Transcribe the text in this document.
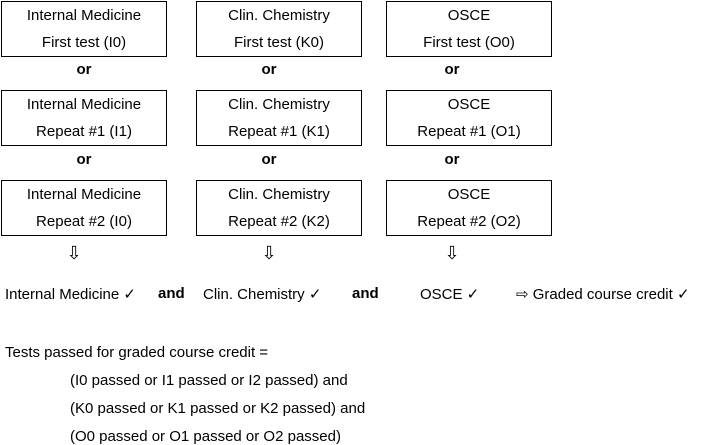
Internal Medicine
First test (I0)
or
Internal Medicine
Repeat #1 (I1)
or
Internal Medicine
Repeat #2 (I0)
⇩
Clin. Chemistry
First test (K0)
or
Clin. Chemistry
Repeat #1 (K1)
or
Clin. Chemistry
Repeat #2 (K2)
⇩
OSCE
First test (O0)
or
OSCE
Repeat #1 (O1)
or
OSCE
Repeat #2 (O2)
⇩
Internal Medicine ✓ and Clin. Chemistry ✓ and	OSCE ✓ ⇨ Graded course credit ✓
Tests passed for graded course credit =
(I0 passed or I1 passed or I2 passed) and
(K0 passed or K1 passed or K2 passed) and
(O0 passed or O1 passed or O2 passed)
